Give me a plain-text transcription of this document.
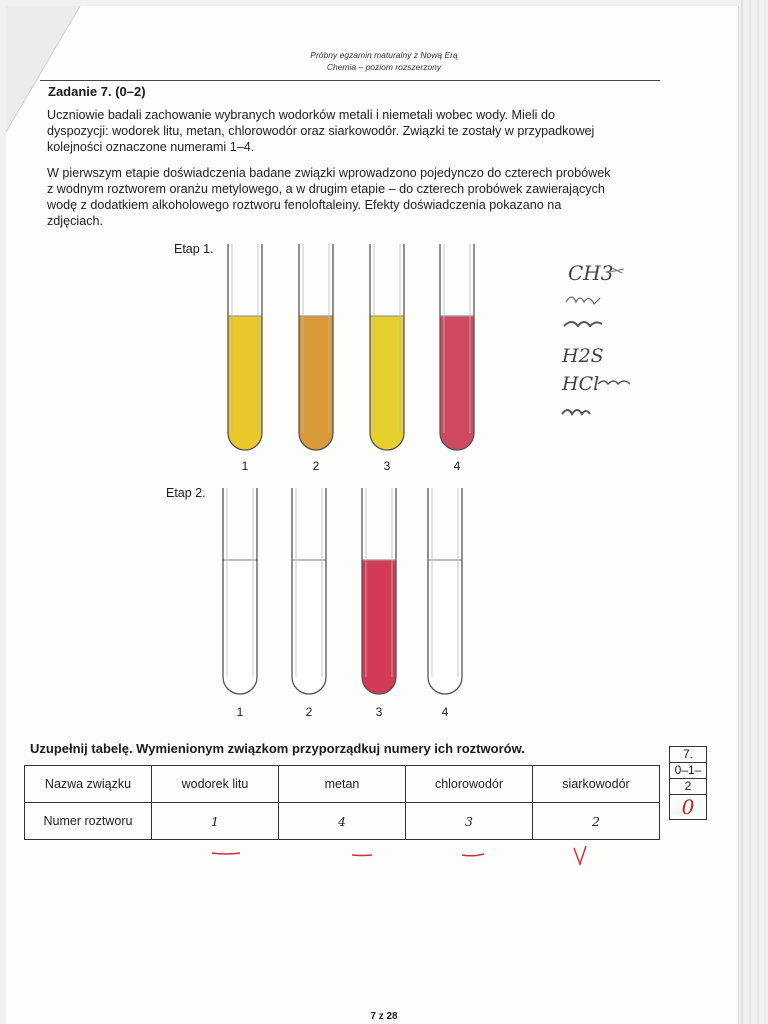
Próbny egzamin maturalny z Nową Erą
Chemia – poziom rozszerzony
Zadanie 7. (0–2)
Uczniowie badali zachowanie wybranych wodorków metali i niemetali wobec wody. Mieli do
dyspozycji: wodorek litu, metan, chlorowodór oraz siarkowodór. Związki te zostały w przypadkowej
kolejności oznaczone numerami 1–4.
W pierwszym etapie doświadczenia badane związki wprowadzono pojedynczo do czterech probówek
z wodnym roztworem oranżu metylowego, a w drugim etapie – do czterech probówek zawierających
wodę z dodatkiem alkoholowego roztworu fenoloftaleiny. Efekty doświadczenia pokazano na
zdjęciach.
Etap 1.
Etap 2.
1	2	3	4
1	2	3	4
CH3
H2S
HCl
Uzupełnij tabelę. Wymienionym związkom przyporządkuj numery ich roztworów.
Nazwa związku	wodorek litu	metan	chlorowodór	siarkowodór
Numer roztworu	1	4	3	2
7.
0–1–
2
0
7 z 28
